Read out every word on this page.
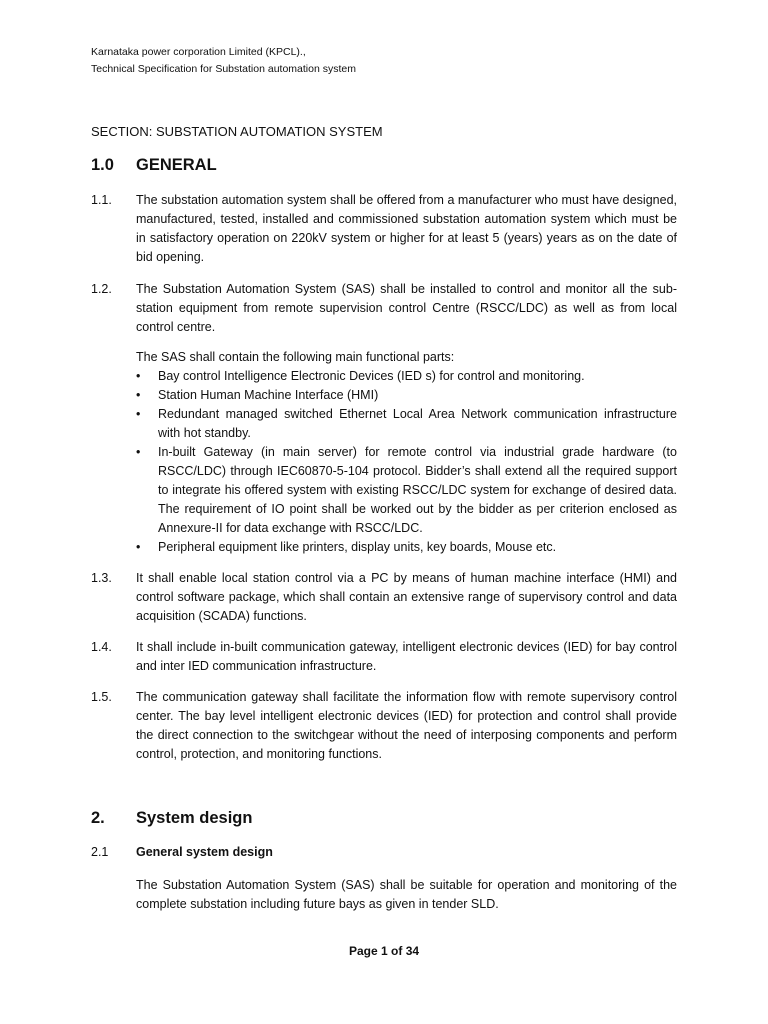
Karnataka power corporation Limited (KPCL).,
Technical Specification for Substation automation system
SECTION: SUBSTATION AUTOMATION SYSTEM
1.0	GENERAL
1.1.	The substation automation system shall be offered from a manufacturer who must have designed, manufactured, tested, installed and commissioned substation automation system which must be in satisfactory operation on 220kV system or higher for at least 5 (years) years as on the date of bid opening.
1.2.	The Substation Automation System (SAS) shall be installed to control and monitor all the sub-station equipment from remote supervision control Centre (RSCC/LDC) as well as from local control centre.
The SAS shall contain the following main functional parts:
• Bay control Intelligence Electronic Devices (IED s) for control and monitoring.
• Station Human Machine Interface (HMI)
• Redundant managed switched Ethernet Local Area Network communication infrastructure with hot standby.
• In-built Gateway (in main server) for remote control via industrial grade hardware (to RSCC/LDC) through IEC60870-5-104 protocol. Bidder’s shall extend all the required support to integrate his offered system with existing RSCC/LDC system for exchange of desired data. The requirement of IO point shall be worked out by the bidder as per criterion enclosed as Annexure-II for data exchange with RSCC/LDC.
• Peripheral equipment like printers, display units, key boards, Mouse etc.
1.3.	It shall enable local station control via a PC by means of human machine interface (HMI) and control software package, which shall contain an extensive range of supervisory control and data acquisition (SCADA) functions.
1.4.	It shall include in-built communication gateway, intelligent electronic devices (IED) for bay control and inter IED communication infrastructure.
1.5.	The communication gateway shall facilitate the information flow with remote supervisory control center. The bay level intelligent electronic devices (IED) for protection and control shall provide the direct connection to the switchgear without the need of interposing components and perform control, protection, and monitoring functions.
2.	System design
2.1 General system design
The Substation Automation System (SAS) shall be suitable for operation and monitoring of the complete substation including future bays as given in tender SLD.
Page 1 of 34
